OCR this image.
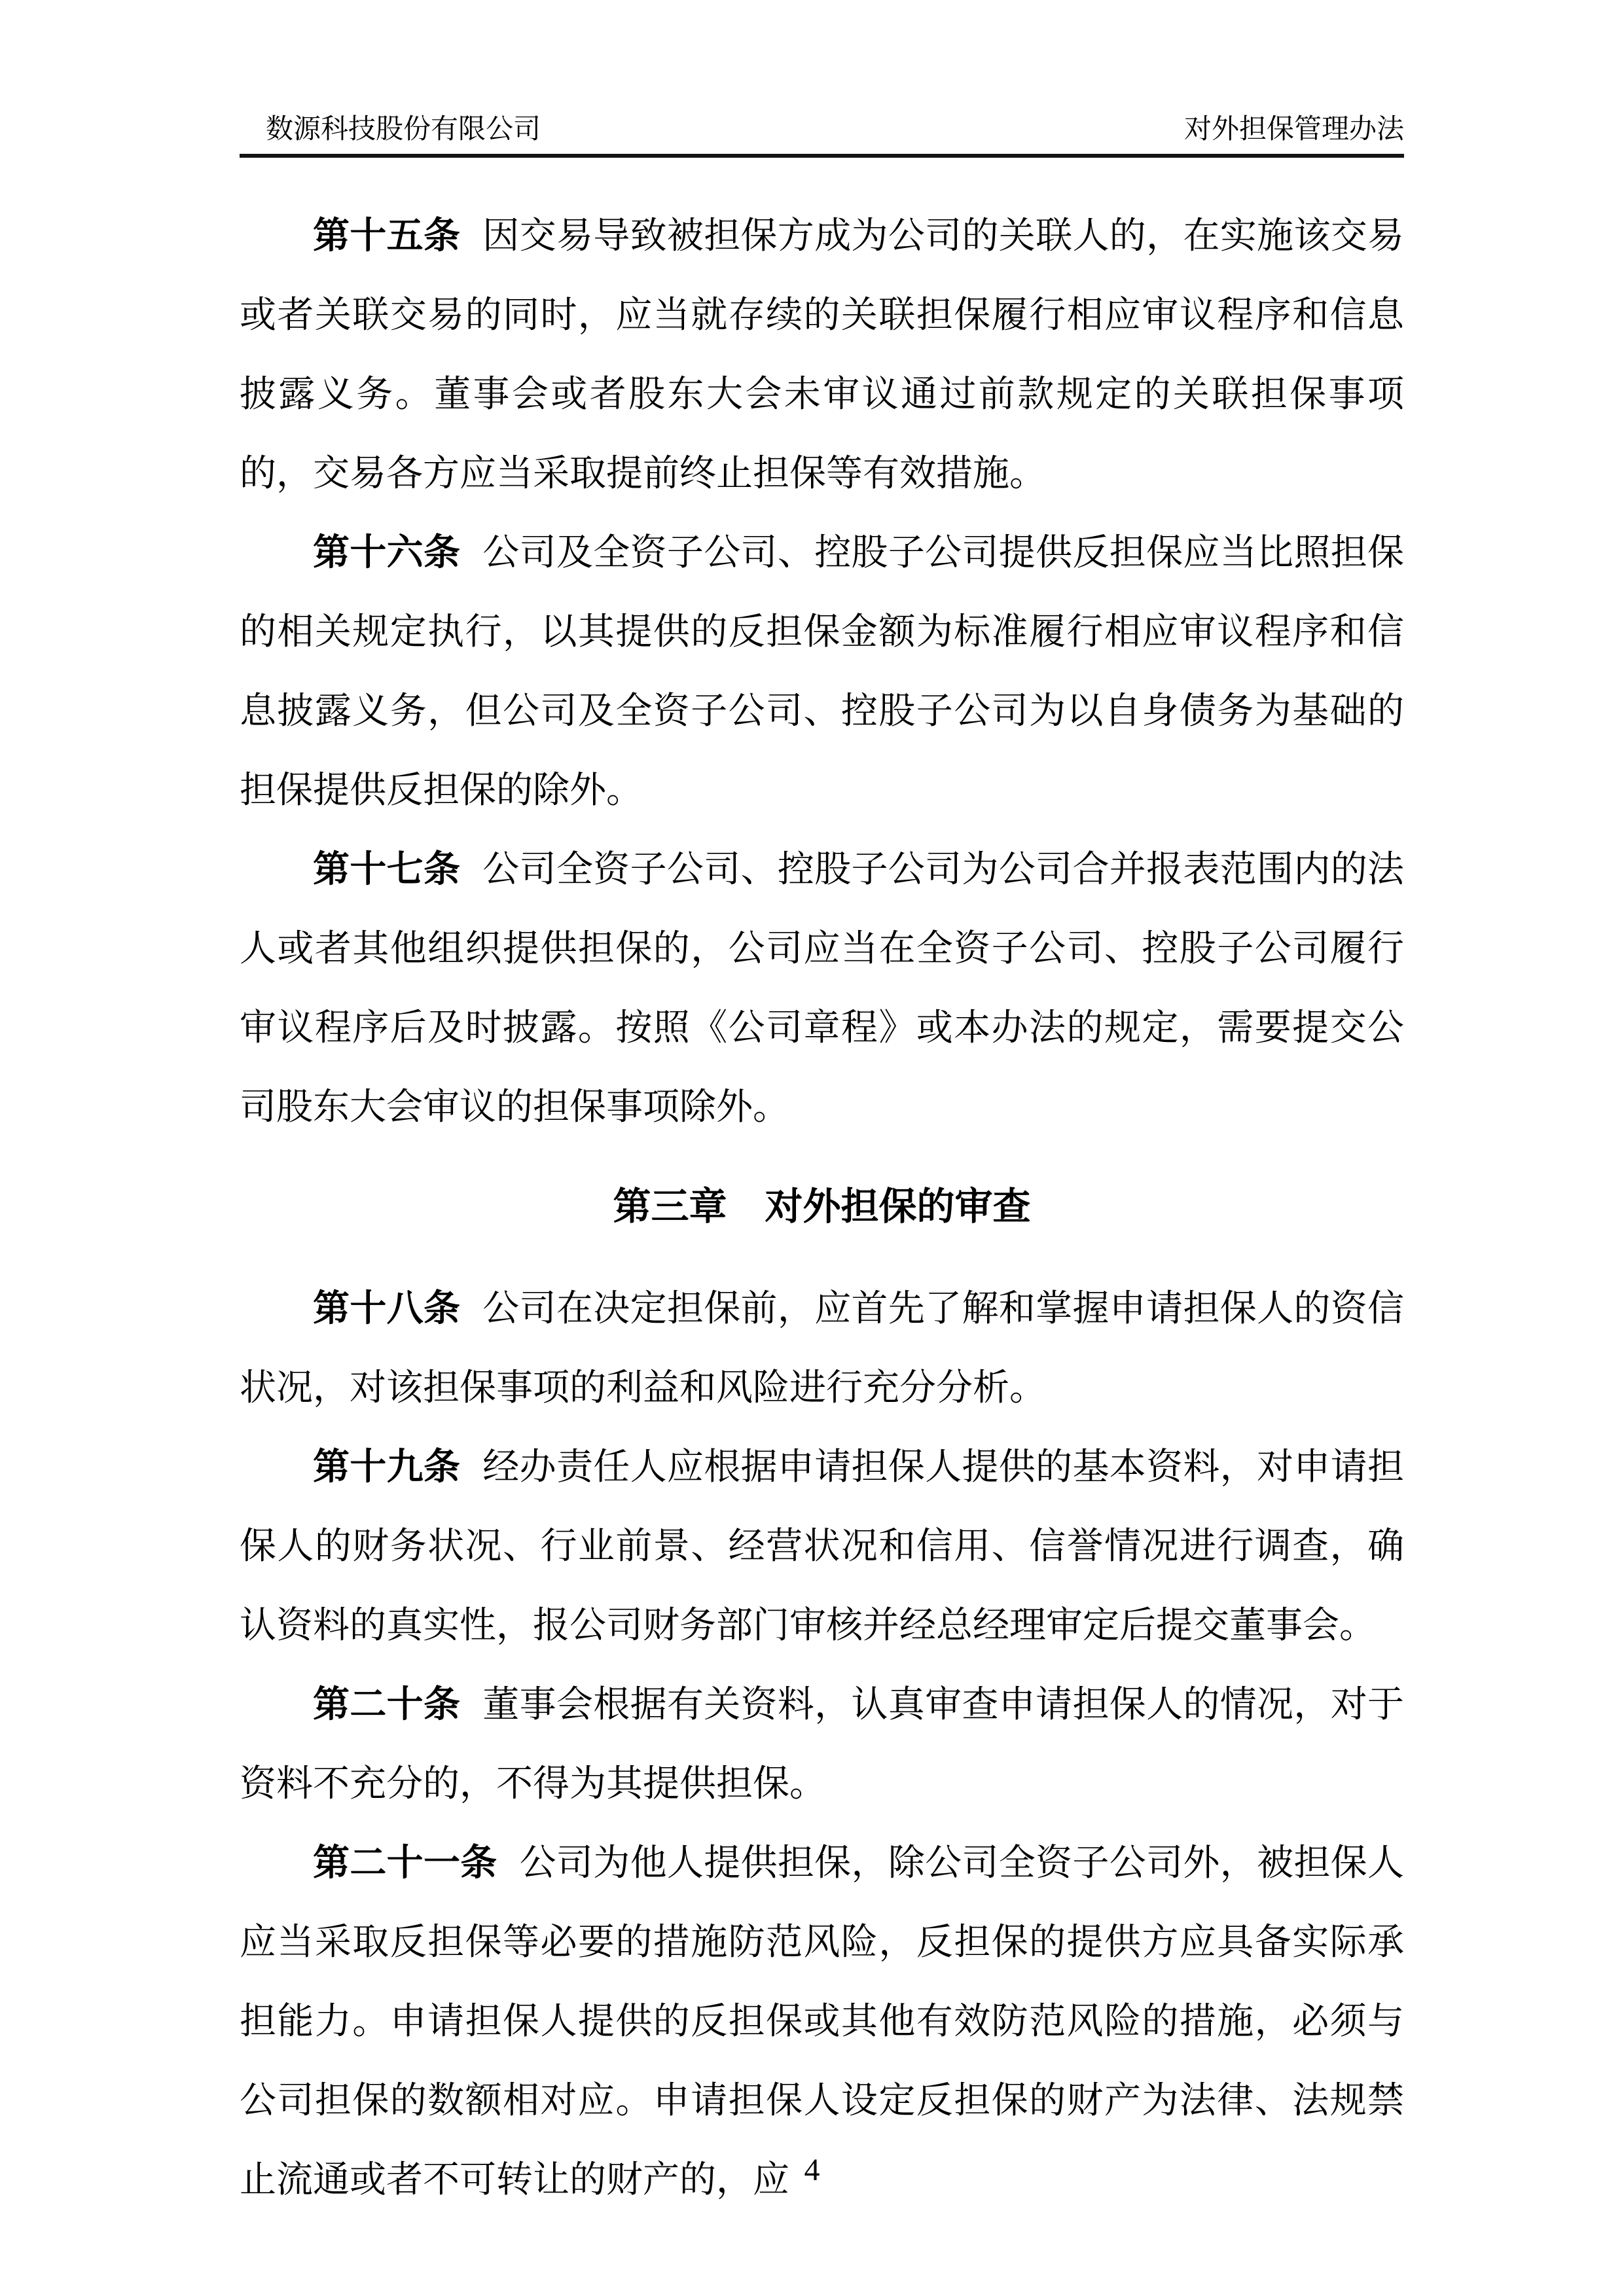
数源科技股份有限公司	对外担保管理办法

第十五条 因交易导致被担保方成为公司的关联人的，在实施该交易或者关联交易的同时，应当就存续的关联担保履行相应审议程序和信息披露义务。董事会或者股东大会未审议通过前款规定的关联担保事项的，交易各方应当采取提前终止担保等有效措施。

第十六条 公司及全资子公司、控股子公司提供反担保应当比照担保的相关规定执行，以其提供的反担保金额为标准履行相应审议程序和信息披露义务，但公司及全资子公司、控股子公司为以自身债务为基础的担保提供反担保的除外。

第十七条 公司全资子公司、控股子公司为公司合并报表范围内的法人或者其他组织提供担保的，公司应当在全资子公司、控股子公司履行审议程序后及时披露。按照《公司章程》或本办法的规定，需要提交公司股东大会审议的担保事项除外。

第三章　对外担保的审查

第十八条 公司在决定担保前，应首先了解和掌握申请担保人的资信状况，对该担保事项的利益和风险进行充分分析。

第十九条 经办责任人应根据申请担保人提供的基本资料，对申请担保人的财务状况、行业前景、经营状况和信用、信誉情况进行调查，确认资料的真实性，报公司财务部门审核并经总经理审定后提交董事会。

第二十条 董事会根据有关资料，认真审查申请担保人的情况，对于资料不充分的，不得为其提供担保。

第二十一条 公司为他人提供担保，除公司全资子公司外，被担保人应当采取反担保等必要的措施防范风险，反担保的提供方应具备实际承担能力。申请担保人提供的反担保或其他有效防范风险的措施，必须与公司担保的数额相对应。申请担保人设定反担保的财产为法律、法规禁止流通或者不可转让的财产的，应 4
